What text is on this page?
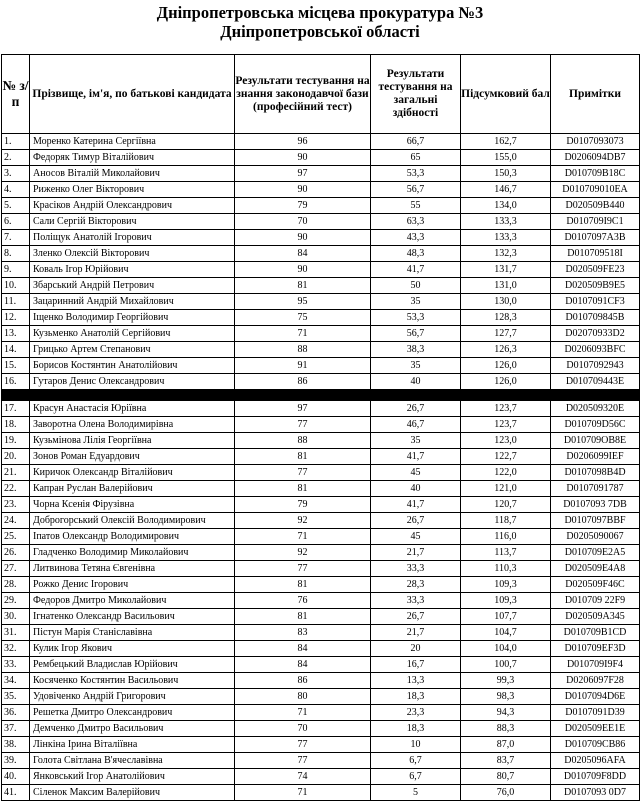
Дніпропетровська місцева прокуратура №3
Дніпропетровської області
№ з/п	Прізвище, ім'я, по батькові кандидата	Результати тестування на знання законодавчої бази (професійний тест)	Результати тестування на загальні здібності	Підсумковий бал	Примітки
1.	Моренко Катерина Сергіївна	96	66,7	162,7	D010709З073
2.	Федоряк Тимур Віталійович	90	65	155,0	D0206094DB7
3.	Аносов Віталій Миколайович	97	53,3	150,3	D010709B18C
4.	Риженко Олег Вікторович	90	56,7	146,7	D010709010EA
5.	Красіков Андрій Олександрович	79	55	134,0	D020509B440
6.	Сали Сергій Вікторович	70	63,3	133,3	D010709I9C1
7.	Поліщук Анатолій Ігорович	90	43,3	133,3	D0107097A3B
8.	Зленко Олексій Вікторович	84	48,3	132,3	D010709518I
9.	Коваль Ігор Юрійович	90	41,7	131,7	D020509FE23
10.	Збарський Андрій Петрович	81	50	131,0	D020509B9E5
11.	Зацаринний Андрій Михайлович	95	35	130,0	D0107091CF3
12.	Іщенко Володимир Георгійович	75	53,3	128,3	D010709845B
13.	Кузьменко Анатолій Сергійович	71	56,7	127,7	D02070933D2
14.	Грицько Артем Степанович	88	38,3	126,3	D0206093BFC
15.	Борисов Костянтин Анатолійович	91	35	126,0	D0107092943
16.	Гутаров Денис Олександрович	86	40	126,0	D010709443E

17.	Красун Анастасія Юріївна	97	26,7	123,7	D020509320E
18.	Заворотна Олена Володимирівна	77	46,7	123,7	D010709D56C
19.	Кузьмінова Лілія Георгіївна	88	35	123,0	D010709OB8E
20.	Зонов Роман Едуардович	81	41,7	122,7	D0206099IEF
21.	Киричок Олександр Віталійович	77	45	122,0	D0107098B4D
22.	Капран Руслан Валерійович	81	40	121,0	D0107091787
23.	Чорна Ксенія Фірузівна	79	41,7	120,7	D0107093 7DB
24.	Доброгорський Олексій Володимирович	92	26,7	118,7	D0107097BBF
25.	Іпатов Олександр Володимирович	71	45	116,0	D0205090067
26.	Гладченко Володимир Миколайович	92	21,7	113,7	D010709E2A5
27.	Литвинова Тетяна Євгенівна	77	33,3	110,3	D020509E4A8
28.	Рожко Денис Ігорович	81	28,3	109,3	D020509F46C
29.	Федоров Дмитро Миколайович	76	33,3	109,3	D010709 22F9
30.	Ігнатенко Олександр Васильович	81	26,7	107,7	D020509A345
31.	Пістун Марія Станіславівна	83	21,7	104,7	D010709B1CD
32.	Кулик Ігор Якович	84	20	104,0	D010709EF3D
33.	Рембецький Владислав Юрійович	84	16,7	100,7	D010709I9F4
34.	Косяченко Костянтин Васильович	86	13,3	99,3	D0206097F28
35.	Удовіченко Андрій Григорович	80	18,3	98,3	D0107094D6E
36.	Решетка Дмитро Олександрович	71	23,3	94,3	D0107091D39
37.	Демченко Дмитро Васильович	70	18,3	88,3	D020509EE1E
38.	Лінкіна Ірина Віталіївна	77	10	87,0	D010709CB86
39.	Голота Світлана В'ячеславівна	77	6,7	83,7	D0205096AFA
40.	Янковський Ігор Анатолійович	74	6,7	80,7	D010709F8DD
41.	Сіленок Максим Валерійович	71	5	76,0	D0107093 0D7
